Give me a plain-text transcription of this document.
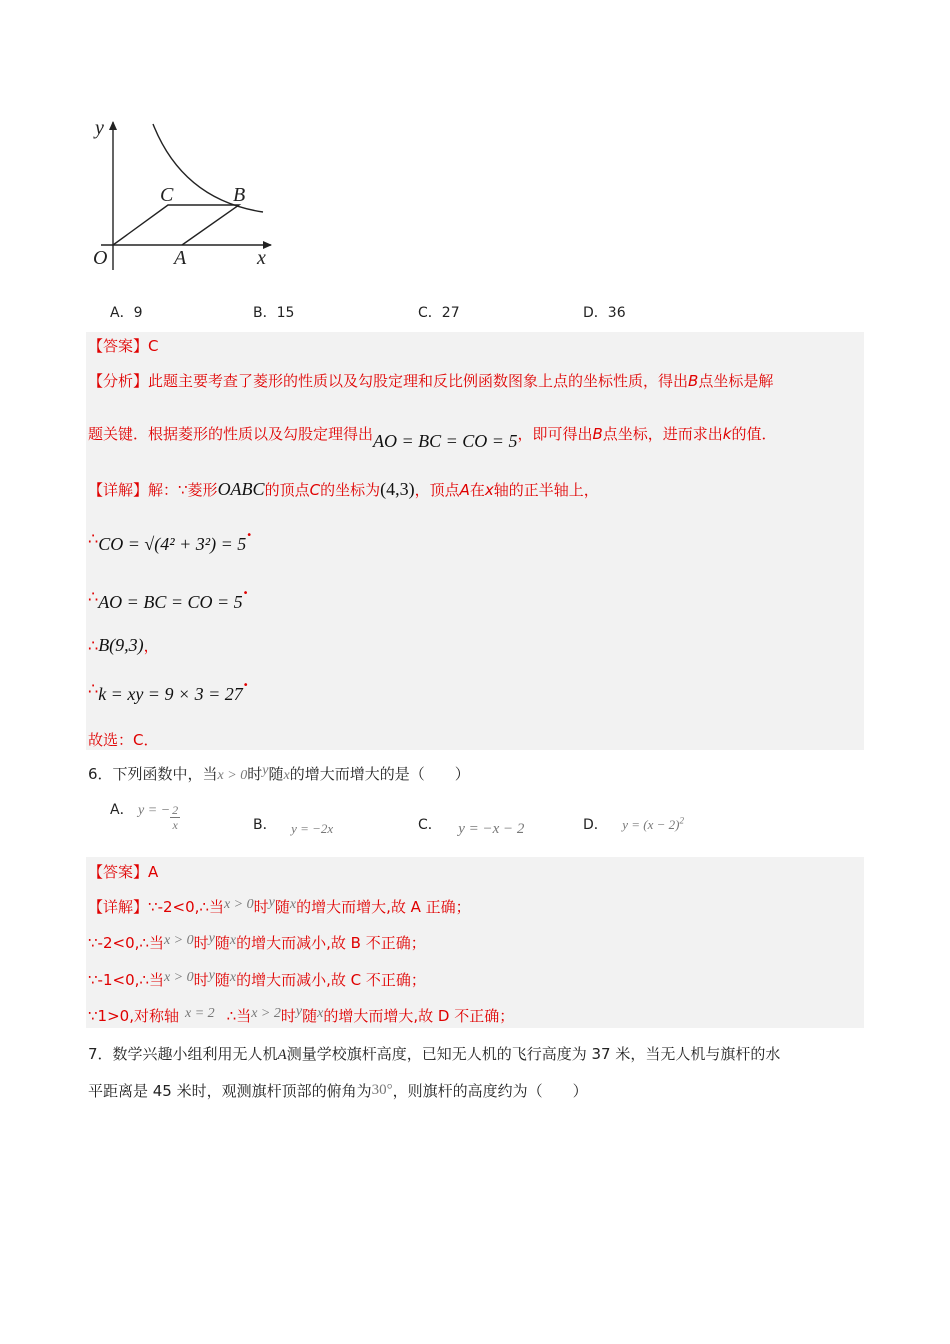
y
x
O	A
B
C
A．9	B．15	C．27	D．36
【答案】C
【分析】此题主要考查了菱形的性质以及勾股定理和反比例函数图象上点的坐标性质，得出B点坐标是解
题关键．根据菱形的性质以及勾股定理得出AO = BC = CO = 5，即可得出B点坐标，进而求出k的值．
【详解】解：∵菱形OABC的顶点C的坐标为(4,3)，顶点A在x轴的正半轴上，
∴CO = √(4² + 3²) = 5•
∴AO = BC = CO = 5•
∴B(9,3)，
∴k = xy = 9 × 3 = 27•
故选：C．
6．下列函数中，当x > 0时y随x的增大而增大的是（　　）
A． y = − $\frac{2}{x}$	B． y = −2x	C． y = −x − 2	D． $y = (x - 2)^2$
【答案】A
【详解】∵-2<0,∴当x > 0时y随x的增大而增大,故 A 正确；
∵-2<0,∴当x > 0时y随x的增大而减小,故 B 不正确；
∵-1<0,∴当x > 0时y随x的增大而减小,故 C 不正确；
∵1>0,对称轴 x = 2 ∴当x > 2时y随x的增大而增大,故 D 不正确；
7．数学兴趣小组利用无人机A测量学校旗杆高度，已知无人机的飞行高度为 37 米，当无人机与旗杆的水
平距离是 45 米时，观测旗杆顶部的俯角为30°，则旗杆的高度约为（　　）
